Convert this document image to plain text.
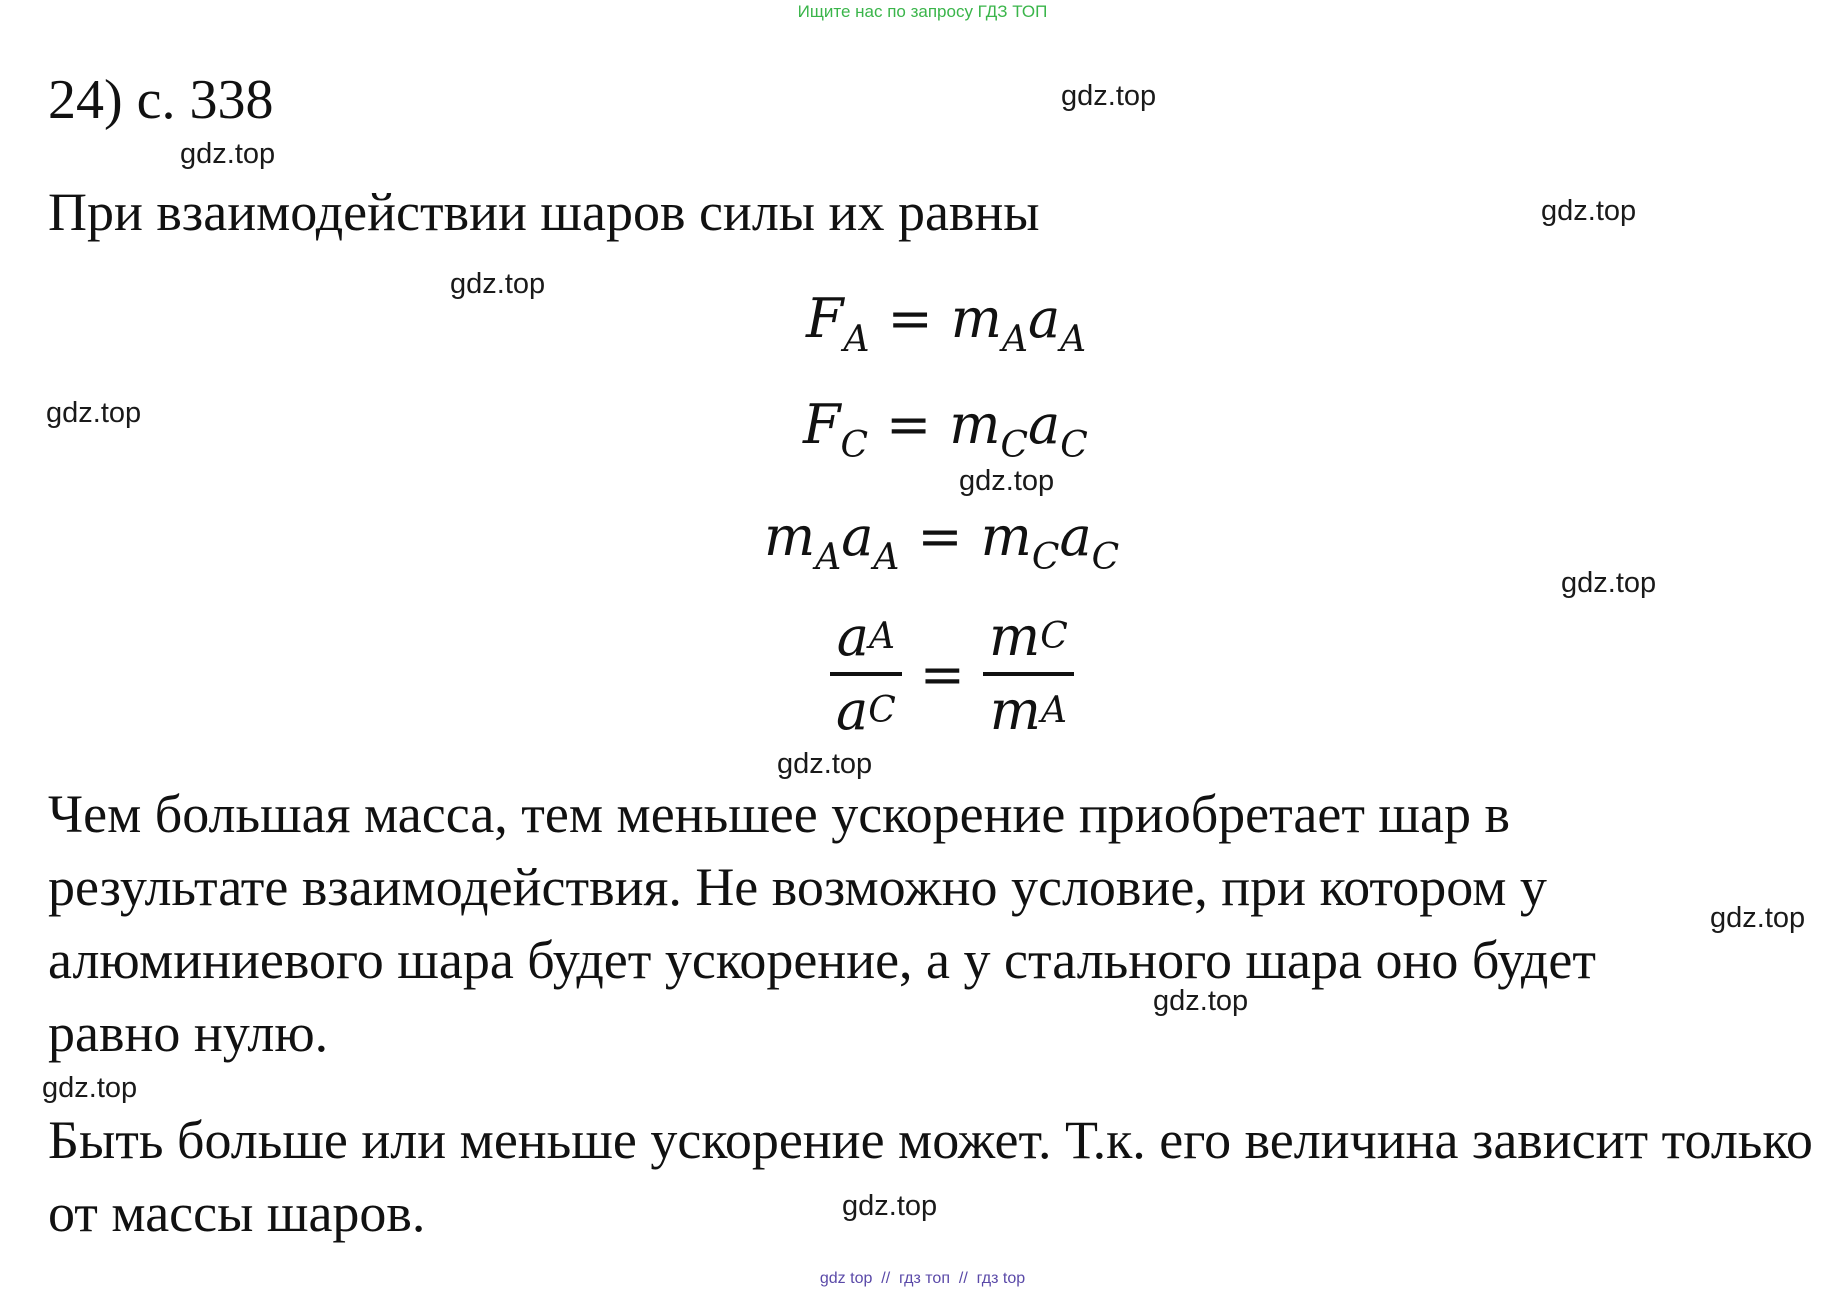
Ищите нас по запросу ГДЗ ТОП
24) с. 338
При взаимодействии шаров силы их равны
$F_A = m_Aa_A$
$F_C = m_Ca_C$
$m_Aa_A = m_Ca_C$
$\frac{\text{a A}}{\text{a C}} = \frac{\text{m C}}{\text{m A}}$
Чем большая масса, тем меньшее ускорение приобретает шар в результате взаимодействия. Не возможно условие, при котором у алюминиевого шара будет ускорение, а у стального шара оно будет равно нулю.
Быть больше или меньше ускорение может. Т.к. его величина зависит только от массы шаров.
gdz.top
gdz.top
gdz.top
gdz.top
gdz.top
gdz.top
gdz.top
gdz.top
gdz.top
gdz.top
gdz.top
gdz.top
gdz top  //  гдз топ  //  гдз top
